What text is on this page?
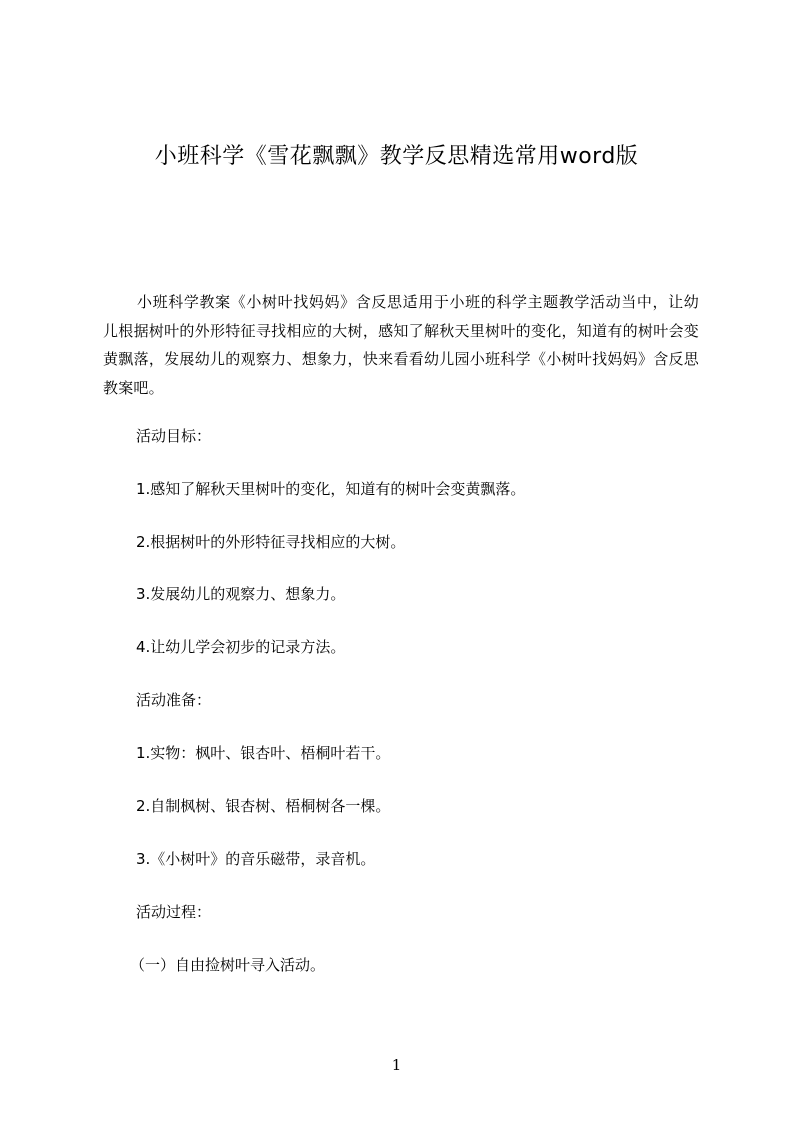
小班科学《雪花飘飘》教学反思精选常用word版

小班科学教案《小树叶找妈妈》含反思适用于小班的科学主题教学活动当中，让幼儿根据树叶的外形特征寻找相应的大树，感知了解秋天里树叶的变化，知道有的树叶会变黄飘落，发展幼儿的观察力、想象力，快来看看幼儿园小班科学《小树叶找妈妈》含反思教案吧。

活动目标：

1.感知了解秋天里树叶的变化，知道有的树叶会变黄飘落。

2.根据树叶的外形特征寻找相应的大树。

3.发展幼儿的观察力、想象力。

4.让幼儿学会初步的记录方法。

活动准备：

1.实物：枫叶、银杏叶、梧桐叶若干。

2.自制枫树、银杏树、梧桐树各一棵。

3.《小树叶》的音乐磁带，录音机。

活动过程：

（一）自由捡树叶寻入活动。

1
